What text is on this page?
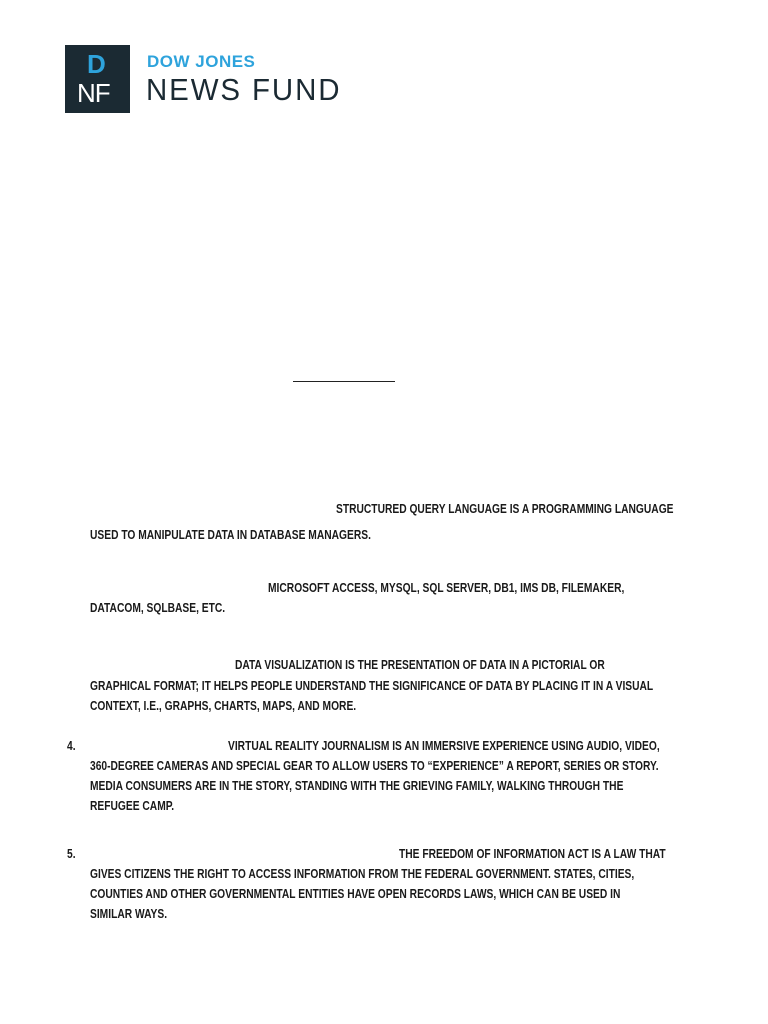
D
NF
DOW JONES
NEWS FUND
STRUCTURED QUERY LANGUAGE IS A PROGRAMMING LANGUAGE
USED TO MANIPULATE DATA IN DATABASE MANAGERS.
MICROSOFT ACCESS, MYSQL, SQL SERVER, DB1, IMS DB, FILEMAKER,
DATACOM, SQLBASE, ETC.
DATA VISUALIZATION IS THE PRESENTATION OF DATA IN A PICTORIAL OR
GRAPHICAL FORMAT; IT HELPS PEOPLE UNDERSTAND THE SIGNIFICANCE OF DATA BY PLACING IT IN A VISUAL
CONTEXT, I.E., GRAPHS, CHARTS, MAPS, AND MORE.
4.	VIRTUAL REALITY JOURNALISM IS AN IMMERSIVE EXPERIENCE USING AUDIO, VIDEO,
360-DEGREE CAMERAS AND SPECIAL GEAR TO ALLOW USERS TO “EXPERIENCE” A REPORT, SERIES OR STORY.
MEDIA CONSUMERS ARE IN THE STORY, STANDING WITH THE GRIEVING FAMILY, WALKING THROUGH THE
REFUGEE CAMP.
5.	THE FREEDOM OF INFORMATION ACT IS A LAW THAT
GIVES CITIZENS THE RIGHT TO ACCESS INFORMATION FROM THE FEDERAL GOVERNMENT. STATES, CITIES,
COUNTIES AND OTHER GOVERNMENTAL ENTITIES HAVE OPEN RECORDS LAWS, WHICH CAN BE USED IN
SIMILAR WAYS.
